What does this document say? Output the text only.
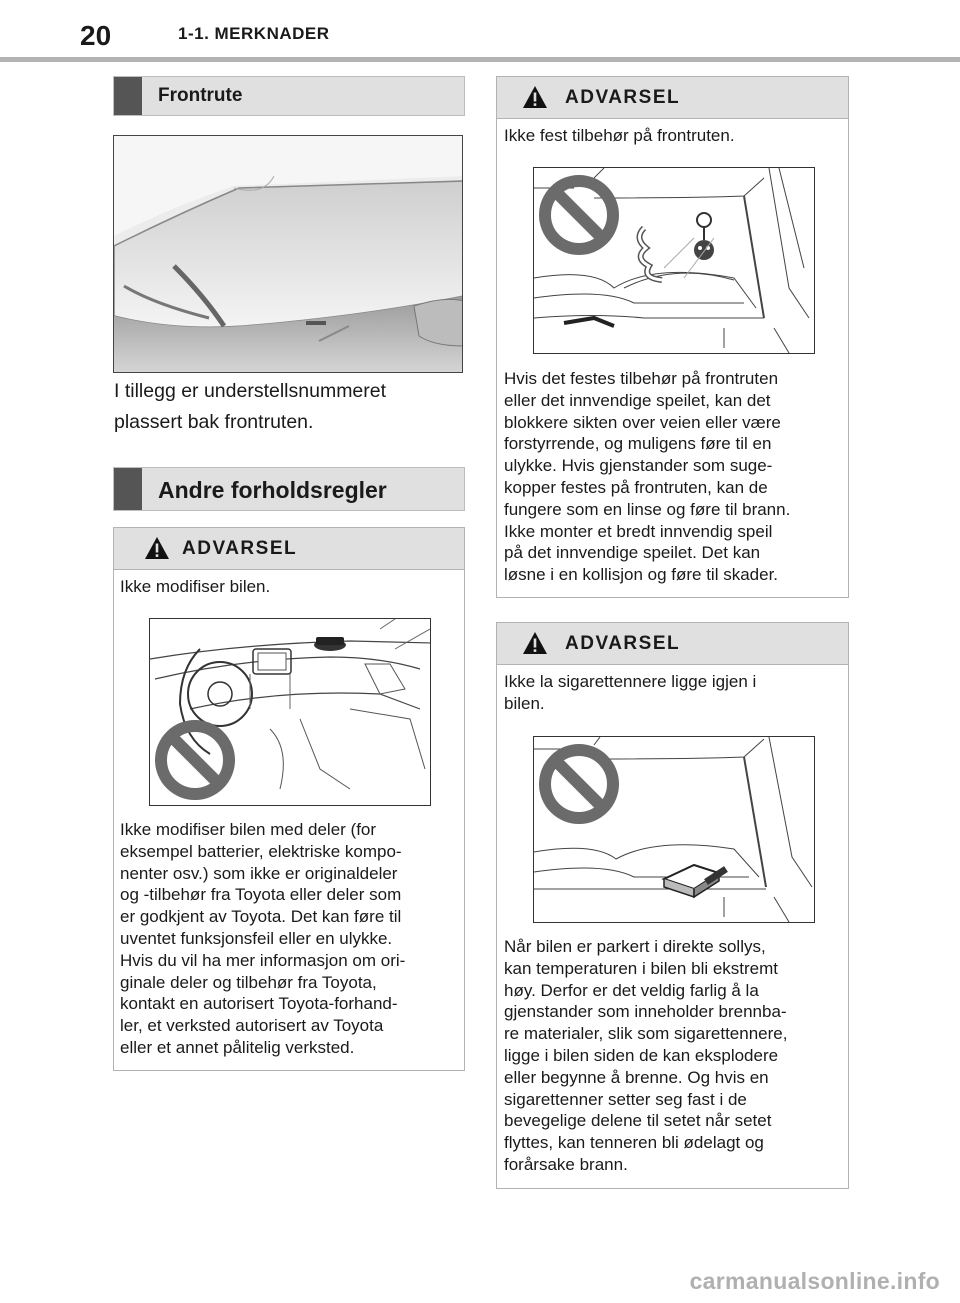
20	1-1. MERKNADER
Frontrute
I tillegg er understellsnummeret
plassert bak frontruten.
Andre forholdsregler
ADVARSEL
Ikke modifiser bilen.
Ikke modifiser bilen med deler (for
eksempel batterier, elektriske kompo-
nenter osv.) som ikke er originaldeler
og -tilbehør fra Toyota eller deler som
er godkjent av Toyota. Det kan føre til
uventet funksjonsfeil eller en ulykke.
Hvis du vil ha mer informasjon om ori-
ginale deler og tilbehør fra Toyota,
kontakt en autorisert Toyota-forhand-
ler, et verksted autorisert av Toyota
eller et annet pålitelig verksted.
ADVARSEL
Ikke fest tilbehør på frontruten.
Hvis det festes tilbehør på frontruten
eller det innvendige speilet, kan det
blokkere sikten over veien eller være
forstyrrende, og muligens føre til en
ulykke. Hvis gjenstander som suge-
kopper festes på frontruten, kan de
fungere som en linse og føre til brann.
Ikke monter et bredt innvendig speil
på det innvendige speilet. Det kan
løsne i en kollisjon og føre til skader.
ADVARSEL
Ikke la sigarettennere ligge igjen i
bilen.
Når bilen er parkert i direkte sollys,
kan temperaturen i bilen bli ekstremt
høy. Derfor er det veldig farlig å la
gjenstander som inneholder brennba-
re materialer, slik som sigarettennere,
ligge i bilen siden de kan eksplodere
eller begynne å brenne. Og hvis en
sigarettenner setter seg fast i de
bevegelige delene til setet når setet
flyttes, kan tenneren bli ødelagt og
forårsake brann.
carmanualsonline.info
